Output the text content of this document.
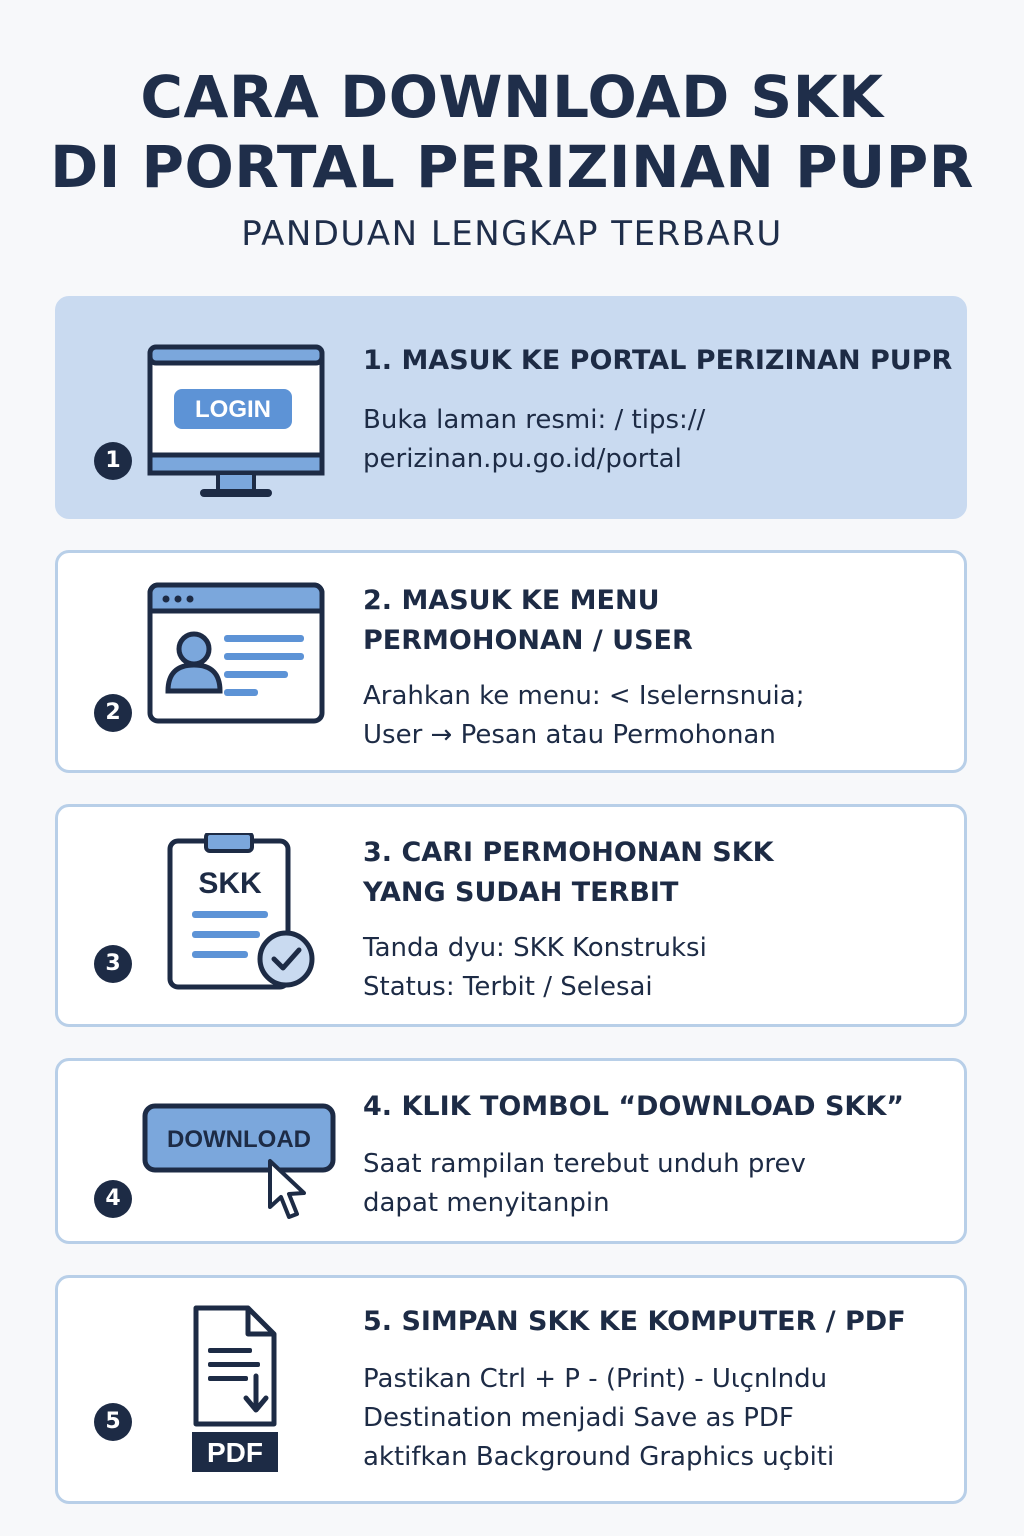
CARA DOWNLOAD SKK
DI PORTAL PERIZINAN PUPR
PANDUAN LENGKAP TERBARU
1
LOGIN
1. MASUK KE PORTAL PERIZINAN PUPR
Buka laman resmi: / tips://
perizinan.pu.go.id/portal
2
2. MASUK KE MENU
PERMOHONAN / USER
Arahkan ke menu: < Iselernsnuia;
User → Pesan atau Permohonan
3
SKK
3. CARI PERMOHONAN SKK
YANG SUDAH TERBIT
Tanda dyu: SKK Konstruksi
Status: Terbit / Selesai
4
DOWNLOAD
4. KLIK TOMBOL “DOWNLOAD SKK”
Saat rampilan terebut unduh prev
dapat menyitanpin
5
PDF
5. SIMPAN SKK KE KOMPUTER / PDF
Pastikan Ctrl + P - (Print) - Uιçnlndu
Destination menjadi Save as PDF
aktifkan Background Graphics uçbiti
